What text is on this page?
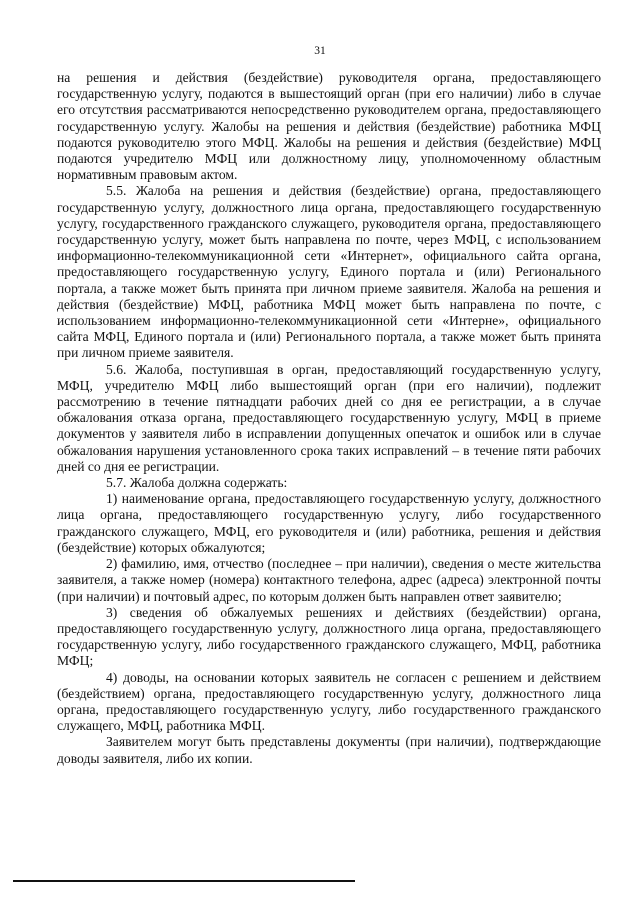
31

на решения и действия (бездействие) руководителя органа, предоставляющего государственную услугу, подаются в вышестоящий орган (при его наличии) либо в случае его отсутствия рассматриваются непосредственно руководителем органа, предоставляющего государственную услугу. Жалобы на решения и действия (бездействие) работника МФЦ подаются руководителю этого МФЦ. Жалобы на решения и действия (бездействие) МФЦ подаются учредителю МФЦ или должностному лицу, уполномоченному областным нормативным правовым актом.

5.5. Жалоба на решения и действия (бездействие) органа, предоставляющего государственную услугу, должностного лица органа, предоставляющего государственную услугу, государственного гражданского служащего, руководителя органа, предоставляющего государственную услугу, может быть направлена по почте, через МФЦ, с использованием информационно-телекоммуникационной сети «Интернет», официального сайта органа, предоставляющего государственную услугу, Единого портала и (или) Регионального портала, а также может быть принята при личном приеме заявителя. Жалоба на решения и действия (бездействие) МФЦ, работника МФЦ может быть направлена по почте, с использованием информационно-телекоммуникационной сети «Интерне», официального сайта МФЦ, Единого портала и (или) Регионального портала, а также может быть принята при личном приеме заявителя.

5.6. Жалоба, поступившая в орган, предоставляющий государственную услугу, МФЦ, учредителю МФЦ либо вышестоящий орган (при его наличии), подлежит рассмотрению в течение пятнадцати рабочих дней со дня ее регистрации, а в случае обжалования отказа органа, предоставляющего государственную услугу, МФЦ в приеме документов у заявителя либо в исправлении допущенных опечаток и ошибок или в случае обжалования нарушения установленного срока таких исправлений – в течение пяти рабочих дней со дня ее регистрации.

5.7. Жалоба должна содержать:

1) наименование органа, предоставляющего государственную услугу, должностного лица органа, предоставляющего государственную услугу, либо государственного гражданского служащего, МФЦ, его руководителя и (или) работника, решения и действия (бездействие) которых обжалуются;

2) фамилию, имя, отчество (последнее – при наличии), сведения о месте жительства заявителя, а также номер (номера) контактного телефона, адрес (адреса) электронной почты (при наличии) и почтовый адрес, по которым должен быть направлен ответ заявителю;

3) сведения об обжалуемых решениях и действиях (бездействии) органа, предоставляющего государственную услугу, должностного лица органа, предоставляющего государственную услугу, либо государственного гражданского служащего, МФЦ, работника МФЦ;

4) доводы, на основании которых заявитель не согласен с решением и действием (бездействием) органа, предоставляющего государственную услугу, должностного лица органа, предоставляющего государственную услугу, либо государственного гражданского служащего, МФЦ, работника МФЦ.

Заявителем могут быть представлены документы (при наличии), подтверждающие доводы заявителя, либо их копии.
